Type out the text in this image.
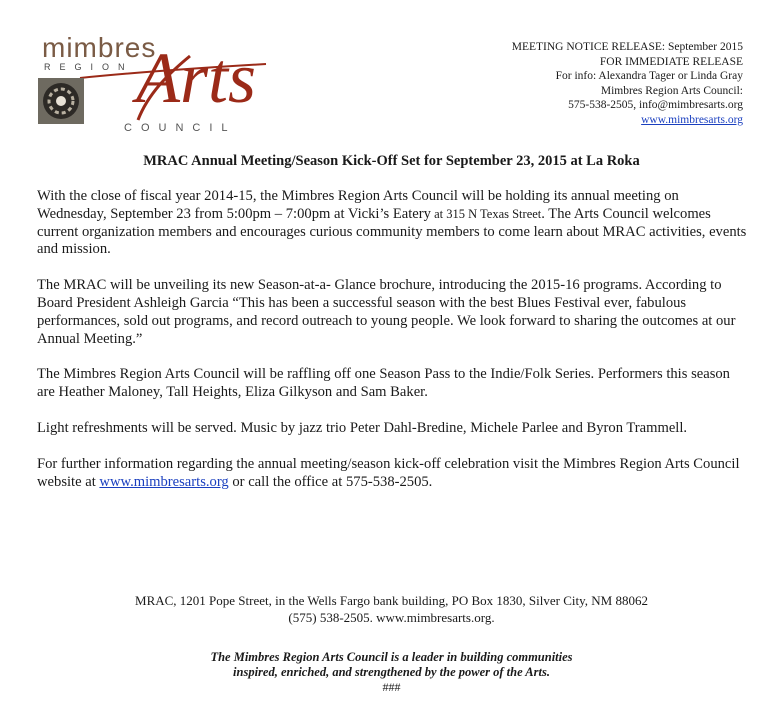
mimbres
REGION Arts
COUNCIL
MEETING NOTICE RELEASE: September 2015
FOR IMMEDIATE RELEASE
For info: Alexandra Tager or Linda Gray
Mimbres Region Arts Council:
575-538-2505, info@mimbresarts.org
www.mimbresarts.org
MRAC Annual Meeting/Season Kick-Off Set for September 23, 2015 at La Roka

With the close of fiscal year 2014-15, the Mimbres Region Arts Council will be holding its annual meeting on Wednesday, September 23 from 5:00pm – 7:00pm at Vicki’s Eatery at 315 N Texas Street. The Arts Council welcomes current organization members and encourages curious community members to come learn about MRAC activities, events and mission.

The MRAC will be unveiling its new Season-at-a- Glance brochure, introducing the 2015-16 programs. According to Board President Ashleigh Garcia “This has been a successful season with the best Blues Festival ever, fabulous performances, sold out programs, and record outreach to young people. We look forward to sharing the outcomes at our Annual Meeting.”

The Mimbres Region Arts Council will be raffling off one Season Pass to the Indie/Folk Series. Performers this season are Heather Maloney, Tall Heights, Eliza Gilkyson and Sam Baker.

Light refreshments will be served. Music by jazz trio Peter Dahl-Bredine, Michele Parlee and Byron Trammell.

For further information regarding the annual meeting/season kick-off celebration visit the Mimbres Region Arts Council website at www.mimbresarts.org or call the office at 575-538-2505.

MRAC, 1201 Pope Street, in the Wells Fargo bank building, PO Box 1830, Silver City, NM 88062
(575) 538-2505. www.mimbresarts.org.
The Mimbres Region Arts Council is a leader in building communities
inspired, enriched, and strengthened by the power of the Arts.
###
